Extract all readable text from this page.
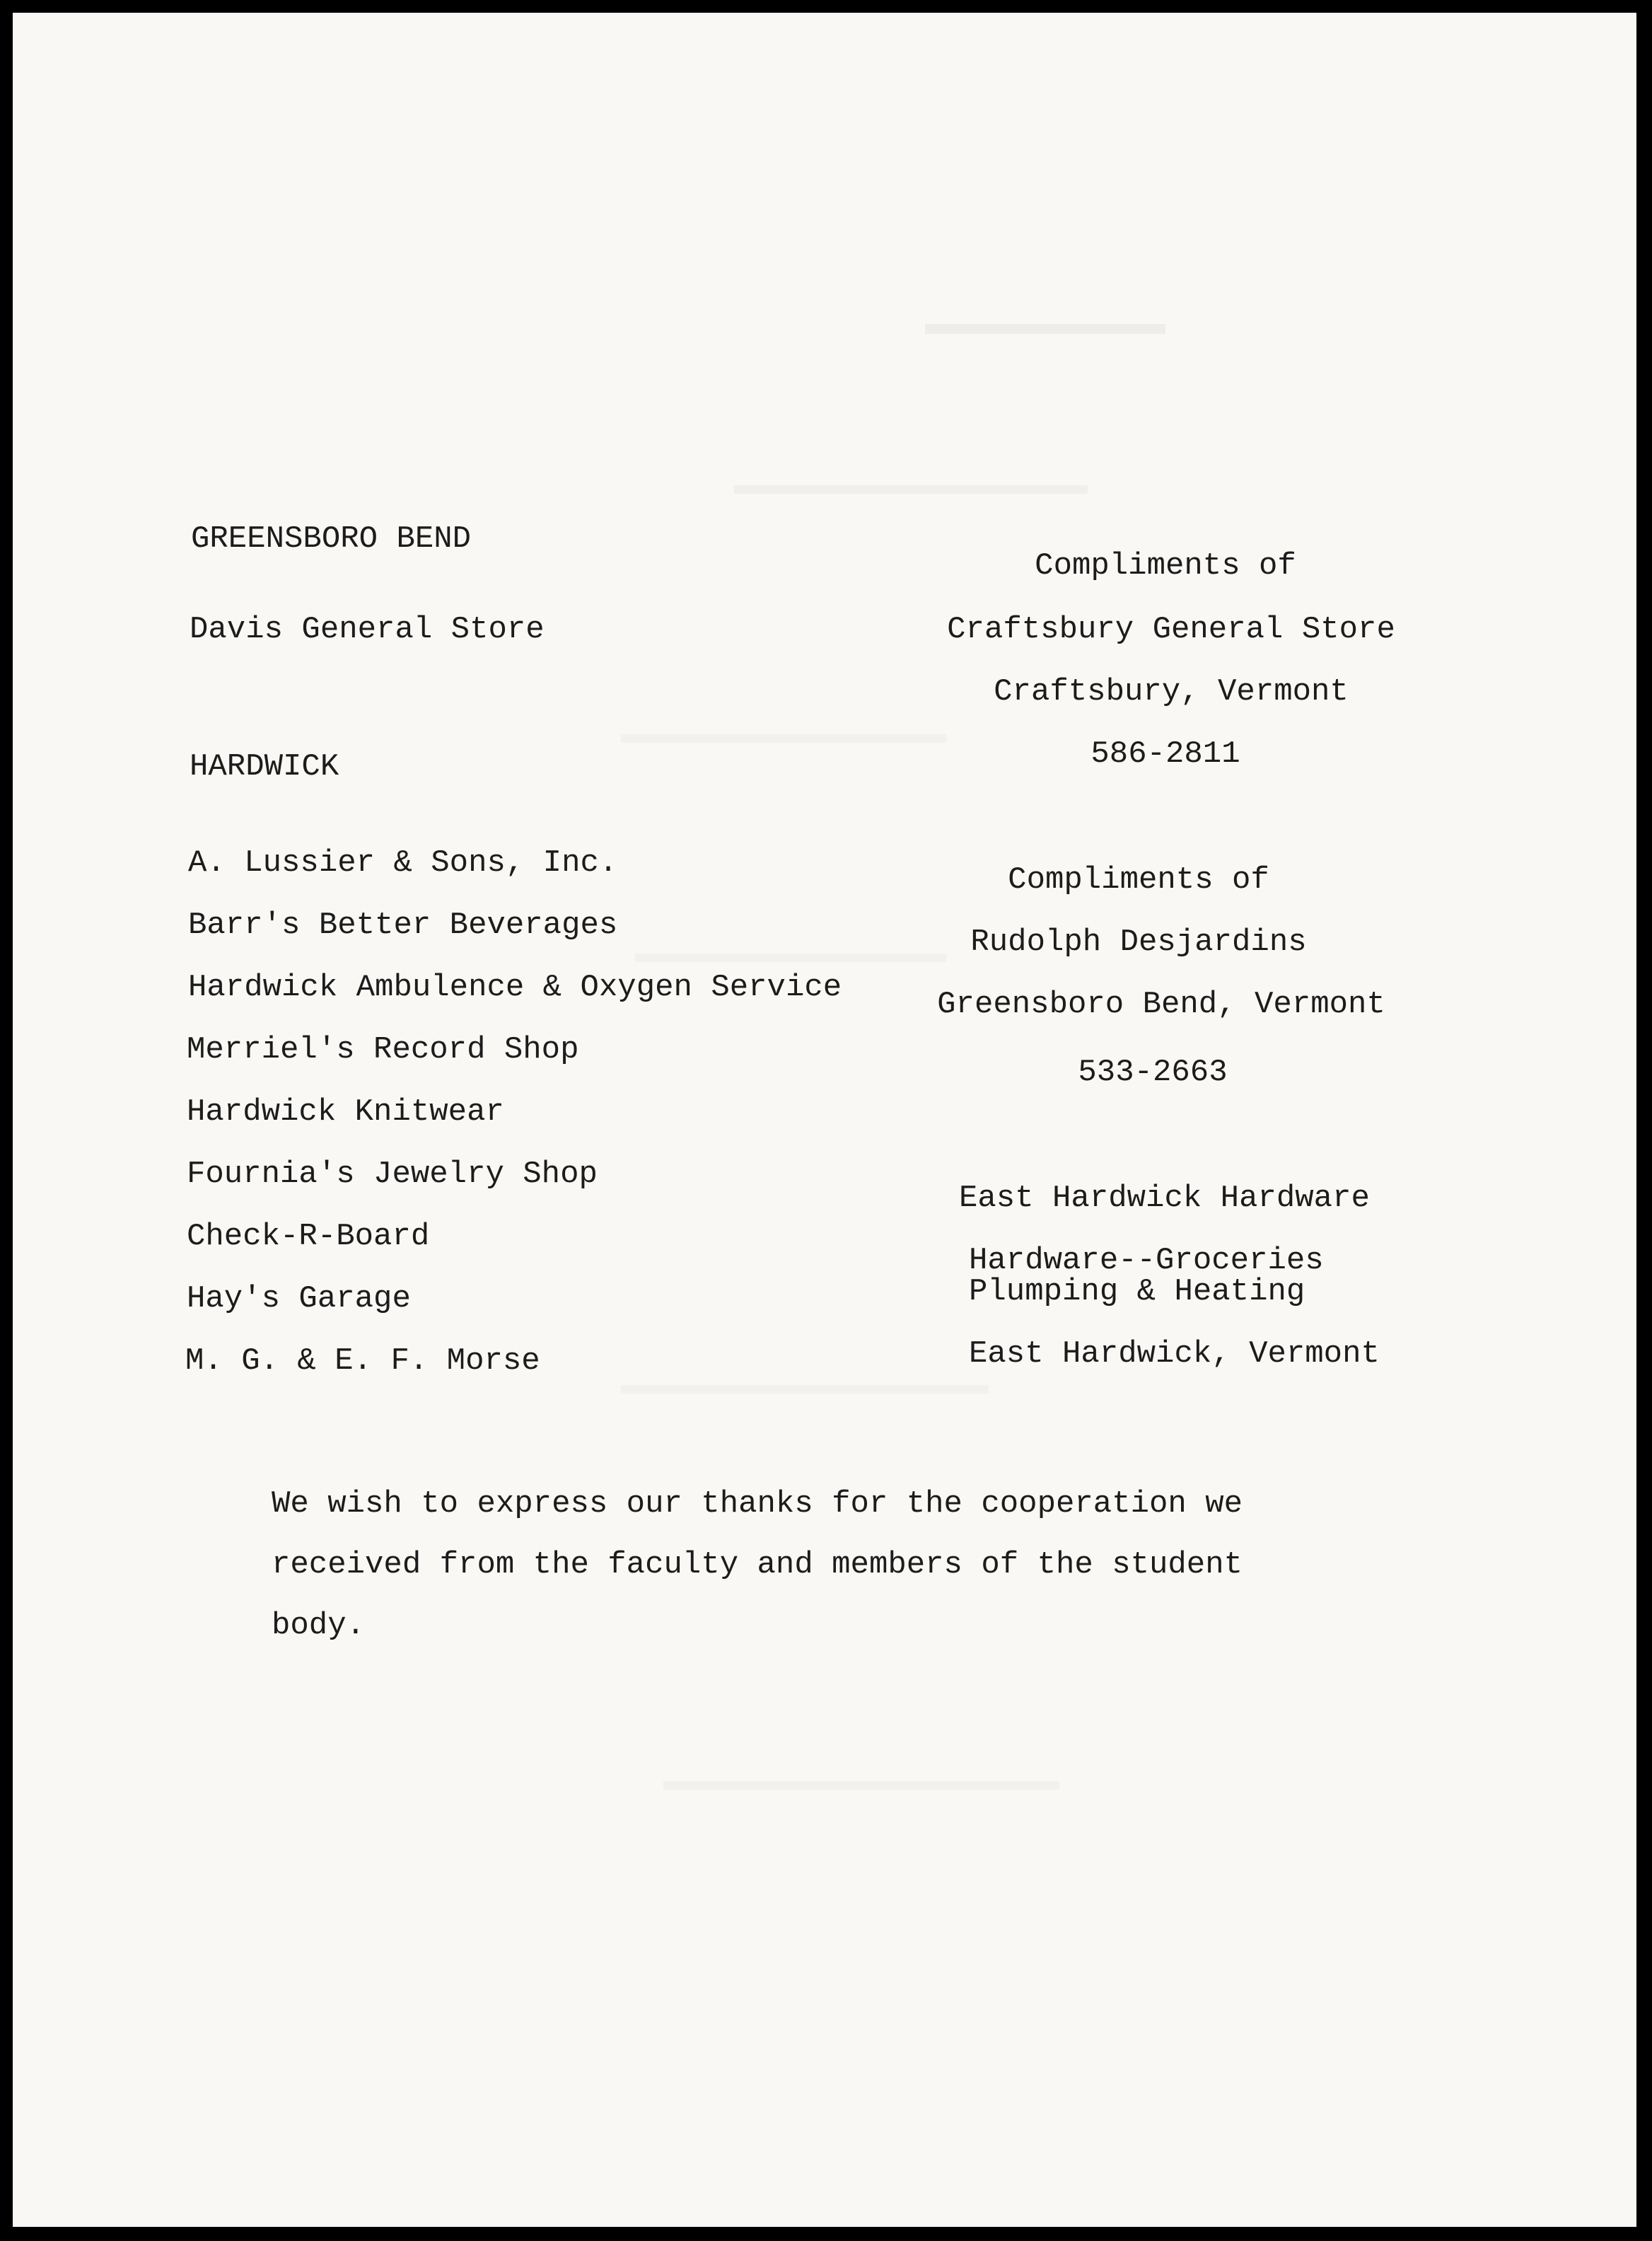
GREENSBORO BEND
Davis General Store
HARDWICK
A. Lussier & Sons, Inc.
Barr's Better Beverages
Hardwick Ambulence & Oxygen Service
Merriel's Record Shop
Hardwick Knitwear
Fournia's Jewelry Shop
Check-R-Board
Hay's Garage
M. G. & E. F. Morse
Compliments of
Craftsbury General Store
Craftsbury, Vermont
586-2811
Compliments of
Rudolph Desjardins
Greensboro Bend, Vermont
533-2663
East Hardwick Hardware
Hardware--Groceries
Plumping & Heating
East Hardwick, Vermont
We wish to express our thanks for the cooperation we
received from the faculty and members of the student
body.
